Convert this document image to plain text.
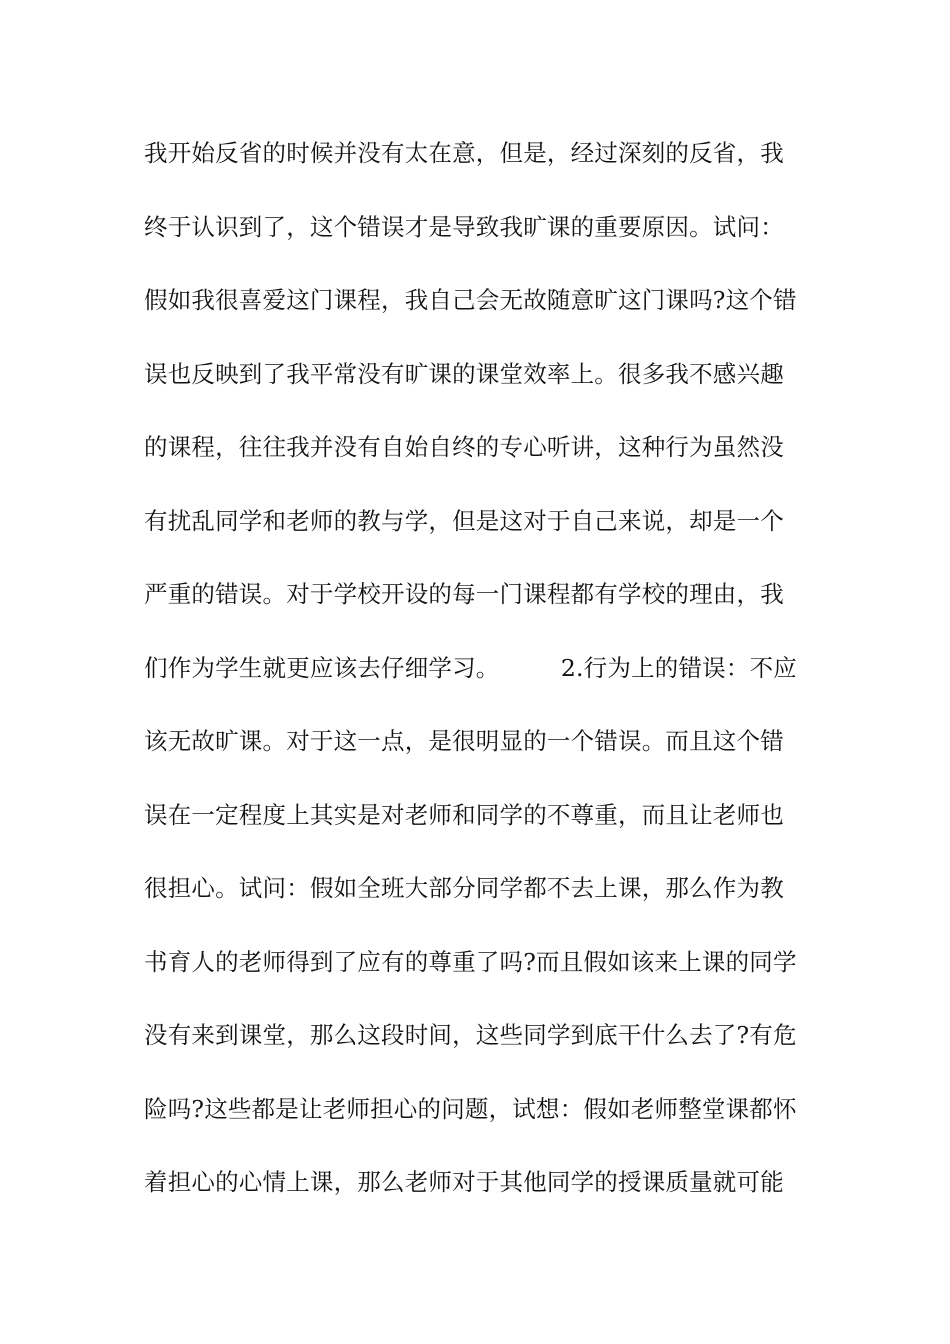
我开始反省的时候并没有太在意，但是，经过深刻的反省，我
终于认识到了，这个错误才是导致我旷课的重要原因。试问：
假如我很喜爱这门课程，我自己会无故随意旷这门课吗?这个错
误也反映到了我平常没有旷课的课堂效率上。很多我不感兴趣
的课程，往往我并没有自始自终的专心听讲，这种行为虽然没
有扰乱同学和老师的教与学，但是这对于自己来说，却是一个
严重的错误。对于学校开设的每一门课程都有学校的理由，我
们作为学生就更应该去仔细学习。        2.行为上的错误：不应
该无故旷课。对于这一点，是很明显的一个错误。而且这个错
误在一定程度上其实是对老师和同学的不尊重，而且让老师也
很担心。试问：假如全班大部分同学都不去上课，那么作为教
书育人的老师得到了应有的尊重了吗?而且假如该来上课的同学
没有来到课堂，那么这段时间，这些同学到底干什么去了?有危
险吗?这些都是让老师担心的问题，试想：假如老师整堂课都怀
着担心的心情上课，那么老师对于其他同学的授课质量就可能
